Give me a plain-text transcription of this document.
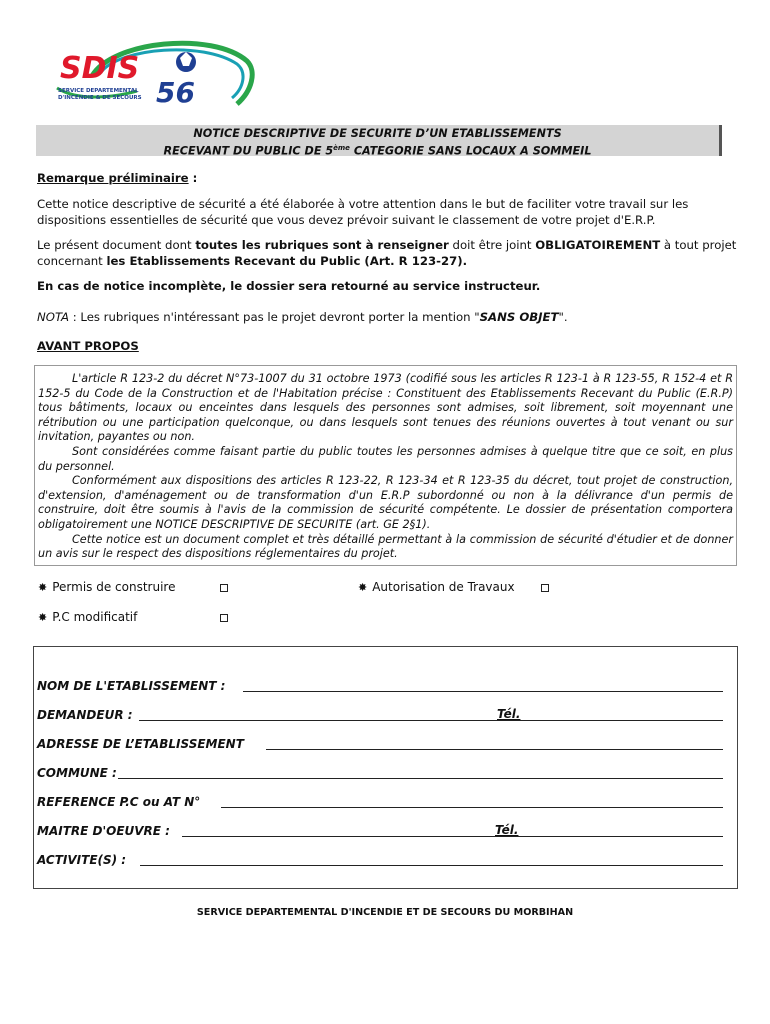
SDIS
56
SERVICE DEPARTEMENTAL
D'INCENDIE & DE SECOURS
NOTICE DESCRIPTIVE DE SECURITE D’UN ETABLISSEMENTS
RECEVANT DU PUBLIC DE 5ème CATEGORIE SANS LOCAUX A SOMMEIL
Remarque préliminaire :
Cette notice descriptive de sécurité a été élaborée à votre attention dans le but de faciliter votre travail sur les dispositions essentielles de sécurité que vous devez prévoir suivant le classement de votre projet d'E.R.P.
Le présent document dont toutes les rubriques sont à renseigner doit être joint OBLIGATOIREMENT à tout projet concernant les Etablissements Recevant du Public (Art. R 123-27).
En cas de notice incomplète, le dossier sera retourné au service instructeur.
NOTA : Les rubriques n'intéressant pas le projet devront porter la mention "SANS OBJET".
AVANT PROPOS

L'article R 123-2 du décret N°73-1007 du 31 octobre 1973 (codifié sous les articles R 123-1 à R 123-55, R 152-4 et R 152-5 du Code de la Construction et de l'Habitation précise : Constituent des Etablissements Recevant du Public (E.R.P) tous bâtiments, locaux ou enceintes dans lesquels des personnes sont admises, soit librement, soit moyennant une rétribution ou une participation quelconque, ou dans lesquels sont tenues des réunions ouvertes à tout venant ou sur invitation, payantes ou non.

Sont considérées comme faisant partie du public toutes les personnes admises à quelque titre que ce soit, en plus du personnel.

Conformément aux dispositions des articles R 123-22, R 123-34 et R 123-35 du décret, tout projet de construction, d'extension, d'aménagement ou de transformation d'un E.R.P subordonné ou non à la délivrance d'un permis de construire, doit être soumis à l'avis de la commission de sécurité compétente. Le dossier de présentation comportera obligatoirement une NOTICE DESCRIPTIVE DE SECURITE (art. GE 2§1).

Cette notice est un document complet et très détaillé permettant à la commission de sécurité d'étudier et de donner un avis sur le respect des dispositions réglementaires du projet.

✸ Permis de construire	✸ Autorisation de Travaux
✸ P.C modificatif
NOM DE L'ETABLISSEMENT :
DEMANDEUR :	Tél.
ADRESSE DE L’ETABLISSEMENT
COMMUNE :
REFERENCE P.C ou AT N°
MAITRE D'OEUVRE :	Tél.
ACTIVITE(S) :
SERVICE DEPARTEMENTAL D'INCENDIE ET DE SECOURS DU MORBIHAN
